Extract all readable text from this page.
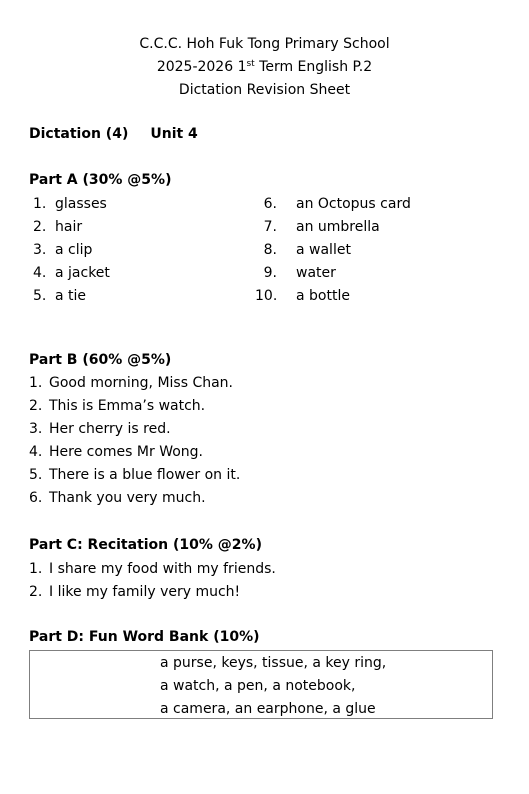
C.C.C. Hoh Fuk Tong Primary School
2025-2026 1st Term English P.2
Dictation Revision Sheet
Dictation (4) Unit 4
Part A (30% @5%)
1. glasses
2. hair
3. a clip
4. a jacket
5. a tie
6. an Octopus card
7. an umbrella
8. a wallet
9. water
10. a bottle
Part B (60% @5%)
1. Good morning, Miss Chan.
2. This is Emma’s watch.
3. Her cherry is red.
4. Here comes Mr Wong.
5. There is a blue flower on it.
6. Thank you very much.
Part C: Recitation (10% @2%)
1. I share my food with my friends.
2. I like my family very much!
Part D: Fun Word Bank (10%)
a purse, keys, tissue, a key ring,
a watch, a pen, a notebook,
a camera, an earphone, a glue
